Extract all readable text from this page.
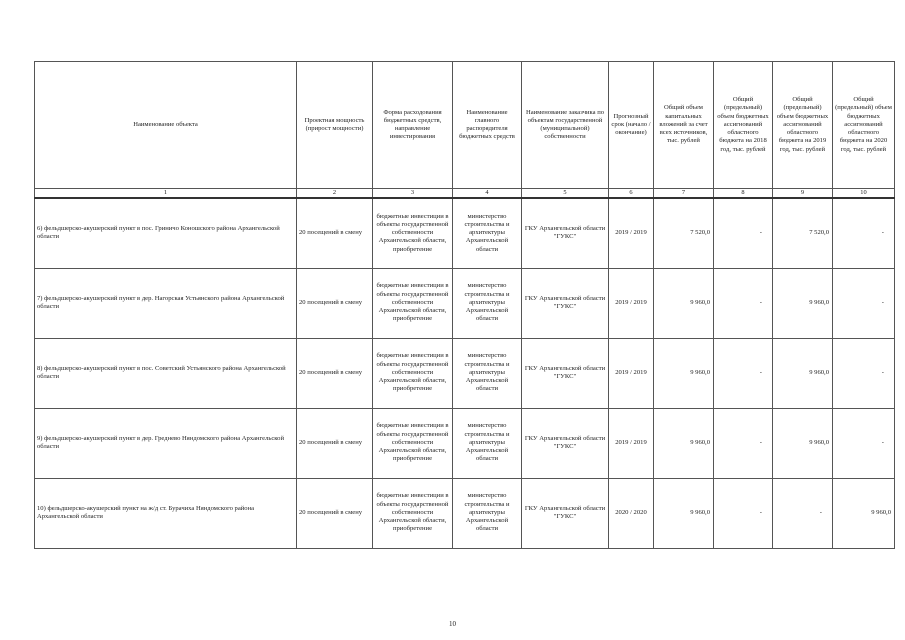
Наименование объекта	Проектная мощность (прирост мощности)	Форма расходования бюджетных средств, направление инвестирования	Наименование главного распорядителя бюджетных средств	Наименование заказчика по объектам государственной (муниципальной) собственности	Прогнозный срок (начало / окончание)	Общий объем капитальных вложений за счет всех источников, тыс. рублей	Общий (предельный) объем бюджетных ассигнований областного бюджета на 2018 год, тыс. рублей	Общий (предельный) объем бюджетных ассигнований областного бюджета на 2019 год, тыс. рублей	Общий (предельный) объем бюджетных ассигнований областного бюджета на 2020 год, тыс. рублей
1	2	3	4	5	6	7	8	9	10
6) фельдшерско-акушерский пункт в пос. Гриничо Коношского района Архангельской области	20 посещений в смену	бюджетные инвестиции в объекты государственной собственности Архангельской области, приобретение	министерство строительства и архитектуры Архангельской области	ГКУ Архангельской области "ГУКС"	2019 / 2019	7 520,0	-	7 520,0	-
7) фельдшерско-акушерский пункт в дер. Нагорская Устьянского района Архангельской области	20 посещений в смену	бюджетные инвестиции в объекты государственной собственности Архангельской области, приобретение	министерство строительства и архитектуры Архангельской области	ГКУ Архангельской области "ГУКС"	2019 / 2019	9 960,0	-	9 960,0	-
8) фельдшерско-акушерский пункт в пос. Советский Устьянского района Архангельской области	20 посещений в смену	бюджетные инвестиции в объекты государственной собственности Архангельской области, приобретение	министерство строительства и архитектуры Архангельской области	ГКУ Архангельской области "ГУКС"	2019 / 2019	9 960,0	-	9 960,0	-
9) фельдшерско-акушерский пункт в дер. Греднево Няндомского района Архангельской области	20 посещений в смену	бюджетные инвестиции в объекты государственной собственности Архангельской области, приобретение	министерство строительства и архитектуры Архангельской области	ГКУ Архангельской области "ГУКС"	2019 / 2019	9 960,0	-	9 960,0	-
10) фельдшерско-акушерский пункт на ж/д ст. Бурачиха Няндомского района Архангельской области	20 посещений в смену	бюджетные инвестиции в объекты государственной собственности Архангельской области, приобретение	министерство строительства и архитектуры Архангельской области	ГКУ Архангельской области "ГУКС"	2020 / 2020	9 960,0	-	-	9 960,0
10
